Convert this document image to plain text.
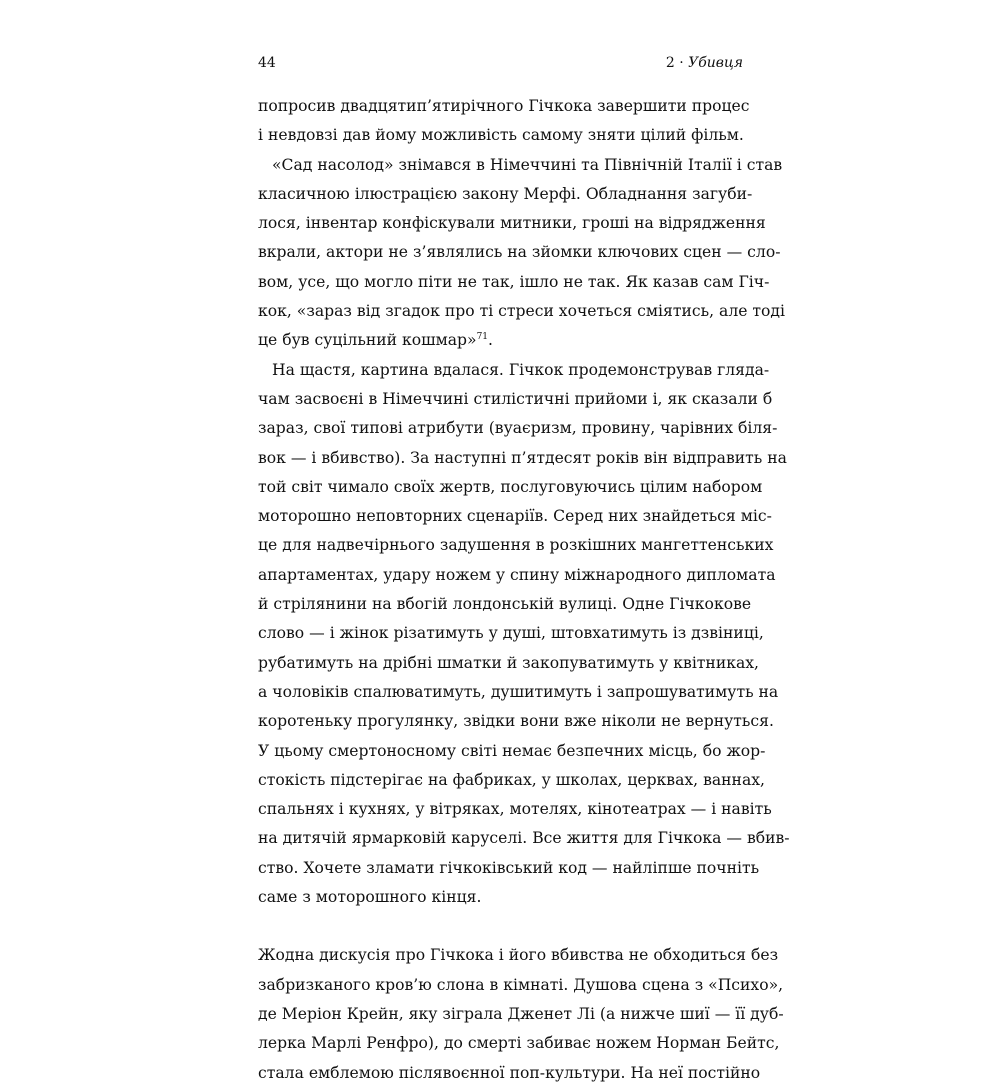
44	2 · Убивця

попросив двадцятип’ятирічного Гічкока завершити процес
і невдовзі дав йому можливість самому зняти цілий фільм.

«Сад насолод» знімався в Німеччині та Північній Італії і став
класичною ілюстрацією закону Мерфі. Обладнання загуби-
лося, інвентар конфіскували митники, гроші на відрядження
вкрали, актори не з’являлись на зйомки ключових сцен — сло-
вом, усе, що могло піти не так, ішло не так. Як казав сам Гіч-
кок, «зараз від згадок про ті стреси хочеться сміятись, але тоді
це був суцільний кошмар»$^{71}$.

На щастя, картина вдалася. Гічкок продемонстрував гляда-
чам засвоєні в Німеччині стилістичні прийоми і, як сказали б
зараз, свої типові атрибути (вуаєризм, провину, чарівних біля-
вок — і вбивство). За наступні п’ятдесят років він відправить на
той світ чимало своїх жертв, послуговуючись цілим набором
моторошно неповторних сценаріїв. Серед них знайдеться міс-
це для надвечірнього задушення в розкішних мангеттенських
апартаментах, удару ножем у спину міжнародного дипломата
й стрілянини на вбогій лондонській вулиці. Одне Гічкокове
слово — і жінок різатимуть у душі, штовхатимуть із дзвіниці,
рубатимуть на дрібні шматки й закопуватимуть у квітниках,
а чоловіків спалюватимуть, душитимуть і запрошуватимуть на
коротеньку прогулянку, звідки вони вже ніколи не вернуться.
У цьому смертоносному світі немає безпечних місць, бо жор-
стокість підстерігає на фабриках, у школах, церквах, ваннах,
спальнях і кухнях, у вітряках, мотелях, кінотеатрах — і навіть
на дитячій ярмарковій каруселі. Все життя для Гічкока — вбив-
ство. Хочете зламати гічкоківський код — найліпше почніть
саме з моторошного кінця.

Жодна дискусія про Гічкока і його вбивства не обходиться без
забризканого кров’ю слона в кімнаті. Душова сцена з «Психо»,
де Меріон Крейн, яку зіграла Дженет Лі (а нижче шиї — її дуб-
лерка Марлі Ренфро), до смерті забиває ножем Норман Бейтс,
стала емблемою післявоєнної поп-культури. На неї постійно
